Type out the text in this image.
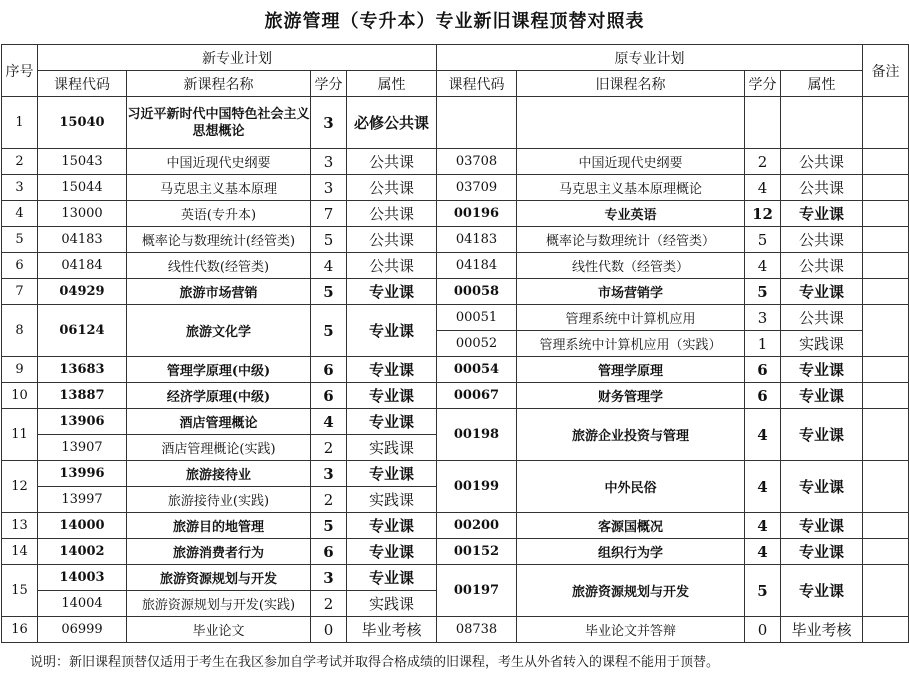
旅游管理（专升本）专业新旧课程顶替对照表
序号	新专业计划				原专业计划				备注
	课程代码	新课程名称	学分	属性	课程代码	旧课程名称	学分	属性	
1	15040	习近平新时代中国特色社会主义思想概论	3	必修公共课					
2	15043	中国近现代史纲要	3	公共课	03708	中国近现代史纲要	2	公共课	
3	15044	马克思主义基本原理	3	公共课	03709	马克思主义基本原理概论	4	公共课	
4	13000	英语(专升本)	7	公共课	00196	专业英语	12	专业课	
5	04183	概率论与数理统计(经管类)	5	公共课	04183	概率论与数理统计（经管类）	5	公共课	
6	04184	线性代数(经管类)	4	公共课	04184	线性代数（经管类）	4	公共课	
7	04929	旅游市场营销	5	专业课	00058	市场营销学	5	专业课	
8	06124	旅游文化学	5	专业课	00051	管理系统中计算机应用	3	公共课	
					00052	管理系统中计算机应用（实践）	1	实践课	
9	13683	管理学原理(中级)	6	专业课	00054	管理学原理	6	专业课	
10	13887	经济学原理(中级)	6	专业课	00067	财务管理学	6	专业课	
11	13906	酒店管理概论	4	专业课	00198	旅游企业投资与管理	4	专业课	
	13907	酒店管理概论(实践)	2	实践课					
12	13996	旅游接待业	3	专业课	00199	中外民俗	4	专业课	
	13997	旅游接待业(实践)	2	实践课					
13	14000	旅游目的地管理	5	专业课	00200	客源国概况	4	专业课	
14	14002	旅游消费者行为	6	专业课	00152	组织行为学	4	专业课	
15	14003	旅游资源规划与开发	3	专业课	00197	旅游资源规划与开发	5	专业课	
	14004	旅游资源规划与开发(实践)	2	实践课					
16	06999	毕业论文	0	毕业考核	08738	毕业论文并答辩	0	毕业考核	
说明：新旧课程顶替仅适用于考生在我区参加自学考试并取得合格成绩的旧课程，考生从外省转入的课程不能用于顶替。
